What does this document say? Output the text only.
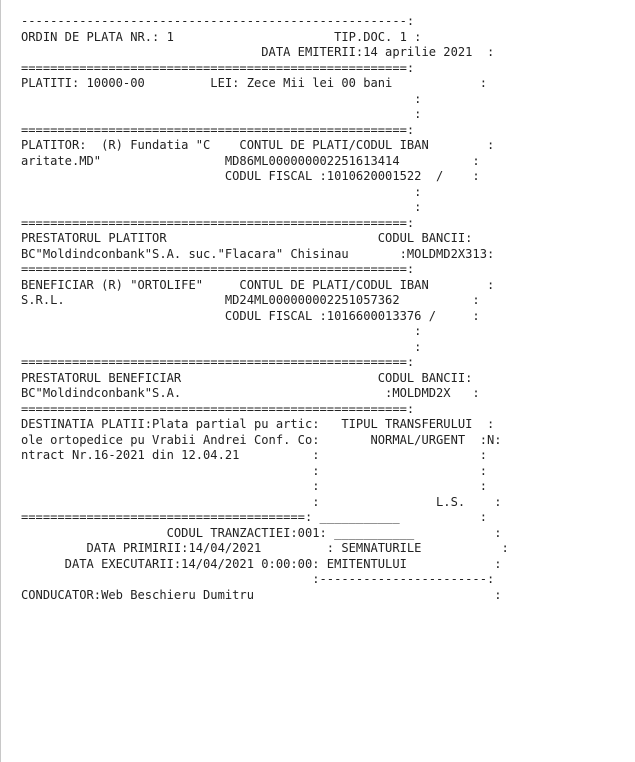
-----------------------------------------------------:
ORDIN DE PLATA NR.: 1                      TIP.DOC. 1 :
DATA EMITERII:14 aprilie 2021  :
=====================================================:
PLATITI: 10000-00         LEI: Zece Mii lei 00 bani            :
:
:
=====================================================:
PLATITOR:  (R) Fundatia "C    CONTUL DE PLATI/CODUL IBAN        :
aritate.MD"                 MD86ML000000002251613414          :
CODUL FISCAL :1010620001522  /    :
:
:
=====================================================:
PRESTATORUL PLATITOR                             CODUL BANCII:
BC"Moldindconbank"S.A. suc."Flacara" Chisinau       :MOLDMD2X313:
=====================================================:
BENEFICIAR (R) "ORTOLIFE"     CONTUL DE PLATI/CODUL IBAN        :
S.R.L.                      MD24ML000000002251057362          :
CODUL FISCAL :1016600013376 /     :
:
:
=====================================================:
PRESTATORUL BENEFICIAR                           CODUL BANCII:
BC"Moldindconbank"S.A.                            :MOLDMD2X   :
=====================================================:
DESTINATIA PLATII:Plata partial pu artic:   TIPUL TRANSFERULUI  :
ole ortopedice pu Vrabii Andrei Conf. Co:       NORMAL/URGENT  :N:
ntract Nr.16-2021 din 12.04.21          :                      :
:                      :
:                      :
:                L.S.    :
=======================================: ___________           :
CODUL TRANZACTIEI:001: ___________           :
DATA PRIMIRII:14/04/2021         : SEMNATURILE           :
DATA EXECUTARII:14/04/2021 0:00:00: EMITENTULUI            :
:-----------------------:
CONDUCATOR:Web Beschieru Dumitru                                 :
